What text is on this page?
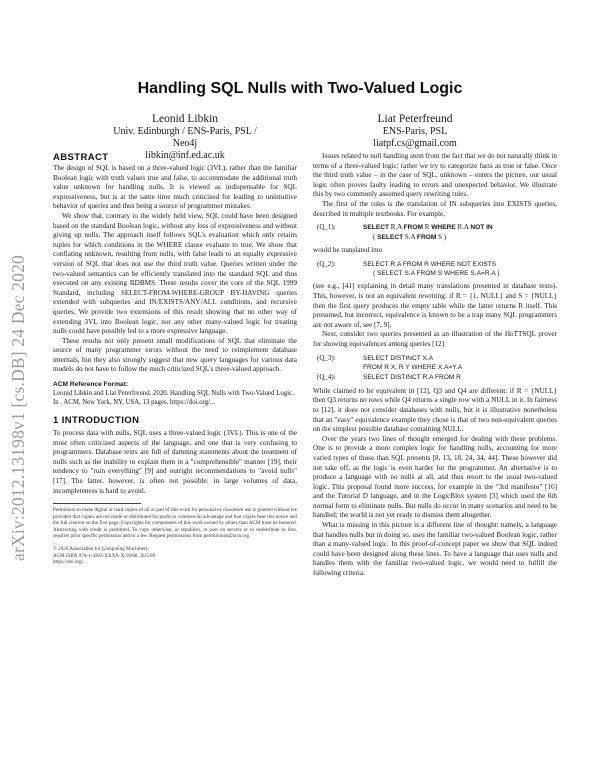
arXiv:2012.13198v1 [cs.DB] 24 Dec 2020
Handling SQL Nulls with Two-Valued Logic
Leonid Libkin
Univ. Edinburgh / ENS-Paris, PSL / Neo4j
libkin@inf.ed.ac.uk
Liat Peterfreund
ENS-Paris, PSL
liatpf.cs@gmail.com
ABSTRACT

The design of SQL is based on a three-valued logic (3VL), rather than the familiar Boolean logic with truth values true and false, to accommodate the additional truth value unknown for handling nulls. It is viewed as indispensable for SQL expressiveness, but is at the same time much criticized for leading to unintuitive behavior of queries and thus being a source of programmer mistakes.

We show that, contrary to the widely held view, SQL could have been designed based on the standard Boolean logic, without any loss of expressiveness and without giving up nulls. The approach itself follows SQL's evaluation which only retains tuples for which conditions in the WHERE clause evaluate to true. We show that conflating unknown, resulting from nulls, with false leads to an equally expressive version of SQL that does not use the third truth value. Queries written under the two-valued semantics can be efficiently translated into the standard SQL and thus executed on any existing RDBMS. These results cover the core of the SQL 1999 Standard, including SELECT-FROM-WHERE-GROUP BY-HAVING queries extended with subqueries and IN/EXISTS/ANY/ALL conditions, and recursive queries. We provide two extensions of this result showing that no other way of extending 3VL into Boolean logic, nor any other many-valued logic for treating nulls could have possibly led to a more expressive language.

These results not only present small modifications of SQL that eliminate the source of many programmer errors without the need to reimplement database internals, but they also strongly suggest that new query languages for various data models do not have to follow the much criticized SQL's three-valued approach.

ACM Reference Format:
Leonid Libkin and Liat Peterfreund. 2020. Handling SQL Nulls with Two-Valued Logic. In . ACM, New York, NY, USA, 13 pages. https://doi.org/...
1 INTRODUCTION

To process data with nulls, SQL uses a three-valued logic (3VL). This is one of the most often criticized aspects of the language, and one that is very confusing to programmers. Database texts are full of damning statements about the treatment of nulls such as the inability to explain them in a "comprehensible" manner [19], their tendency to "ruin everything" [9] and outright recommendations to "avoid nulls" [17]. The latter, however, is often not possible: in large volumes of data, incompleteness is hard to avoid.

Permission to make digital or hard copies of all or part of this work for personal or classroom use is granted without fee provided that copies are not made or distributed for profit or commercial advantage and that copies bear this notice and the full citation on the first page. Copyrights for components of this work owned by others than ACM must be honored. Abstracting with credit is permitted. To copy otherwise, or republish, to post on servers or to redistribute to lists, requires prior specific permission and/or a fee. Request permissions from permissions@acm.org.
, ,
© 2020 Association for Computing Machinery.
ACM ISBN 978-1-4503-XXXX-X/18/06...$15.00
https://doi.org/...

Issues related to null handling stem from the fact that we do not naturally think in terms of a three-valued logic; rather we try to categorize facts as true or false. Once the third truth value – in the case of SQL, unknown – enters the picture, our usual logic often proves faulty leading to errors and unexpected behavior. We illustrate this by two commonly assumed query rewriting rules.

The first of the rules is the translation of IN subqueries into EXISTS queries, described in multiple textbooks. For example,

(Q_1):	SELECT R.A FROM R WHERE R.A NOT IN
( SELECT S.A FROM S )

would be translated into

(Q_2):	SELECT R.A FROM R WHERE NOT EXISTS
( SELECT S.A FROM S WHERE S.A=R.A )

(see e.g., [41] explaining in detail many translations presented in database texts). This, however, is not an equivalent rewriting: if R = {1, NULL} and S = {NULL} then the first query produces the empty table while the latter returns R itself. This presumed, but incorrect, equivalence is known to be a trap many SQL programmers are not aware of, see [7, 9].

Next, consider two queries presented as an illustration of the HoTTSQL prover for showing equivalences among queries [12]

(Q_3):	SELECT DISTINCT X.A
FROM R X, R Y WHERE X.A=Y.A
(Q_4):	SELECT DISTINCT R.A FROM R

While claimed to be equivalent in [12], Q3 and Q4 are different: if R = {NULL} then Q3 returns no rows while Q4 returns a single row with a NULL in it. In fairness to [12], it does not consider databases with nulls, but it is illustrative nonetheless that an "easy" equivalence example they chose is that of two non-equivalent queries on the simplest possible database containing NULL.

Over the years two lines of thought emerged for dealing with these problems. One is to provide a more complex logic for handling nulls, accounting for more varied types of those than SQL presents [8, 13, 18, 24, 34, 44]. These however did not take off, as the logic is even harder for the programmer. An alternative is to produce a language with no nulls at all, and thus resort to the usual two-valued logic. This proposal found more success, for example in the "3rd manifesto" [16] and the Tutorial D language, and in the LogicBlox system [3] which used the 6th normal form to eliminate nulls. But nulls do occur in many scenarios and need to be handled; the world is not yet ready to dismiss them altogether.

What is missing in this picture is a different line of thought: namely, a language that handles nulls but in doing so, uses the familiar two-valued Boolean logic, rather than a many-valued logic. In this proof-of-concept paper we show that SQL indeed could have been designed along these lines. To have a language that uses nulls and handles them with the familiar two-valued logic, we would need to fulfill the following criteria.
